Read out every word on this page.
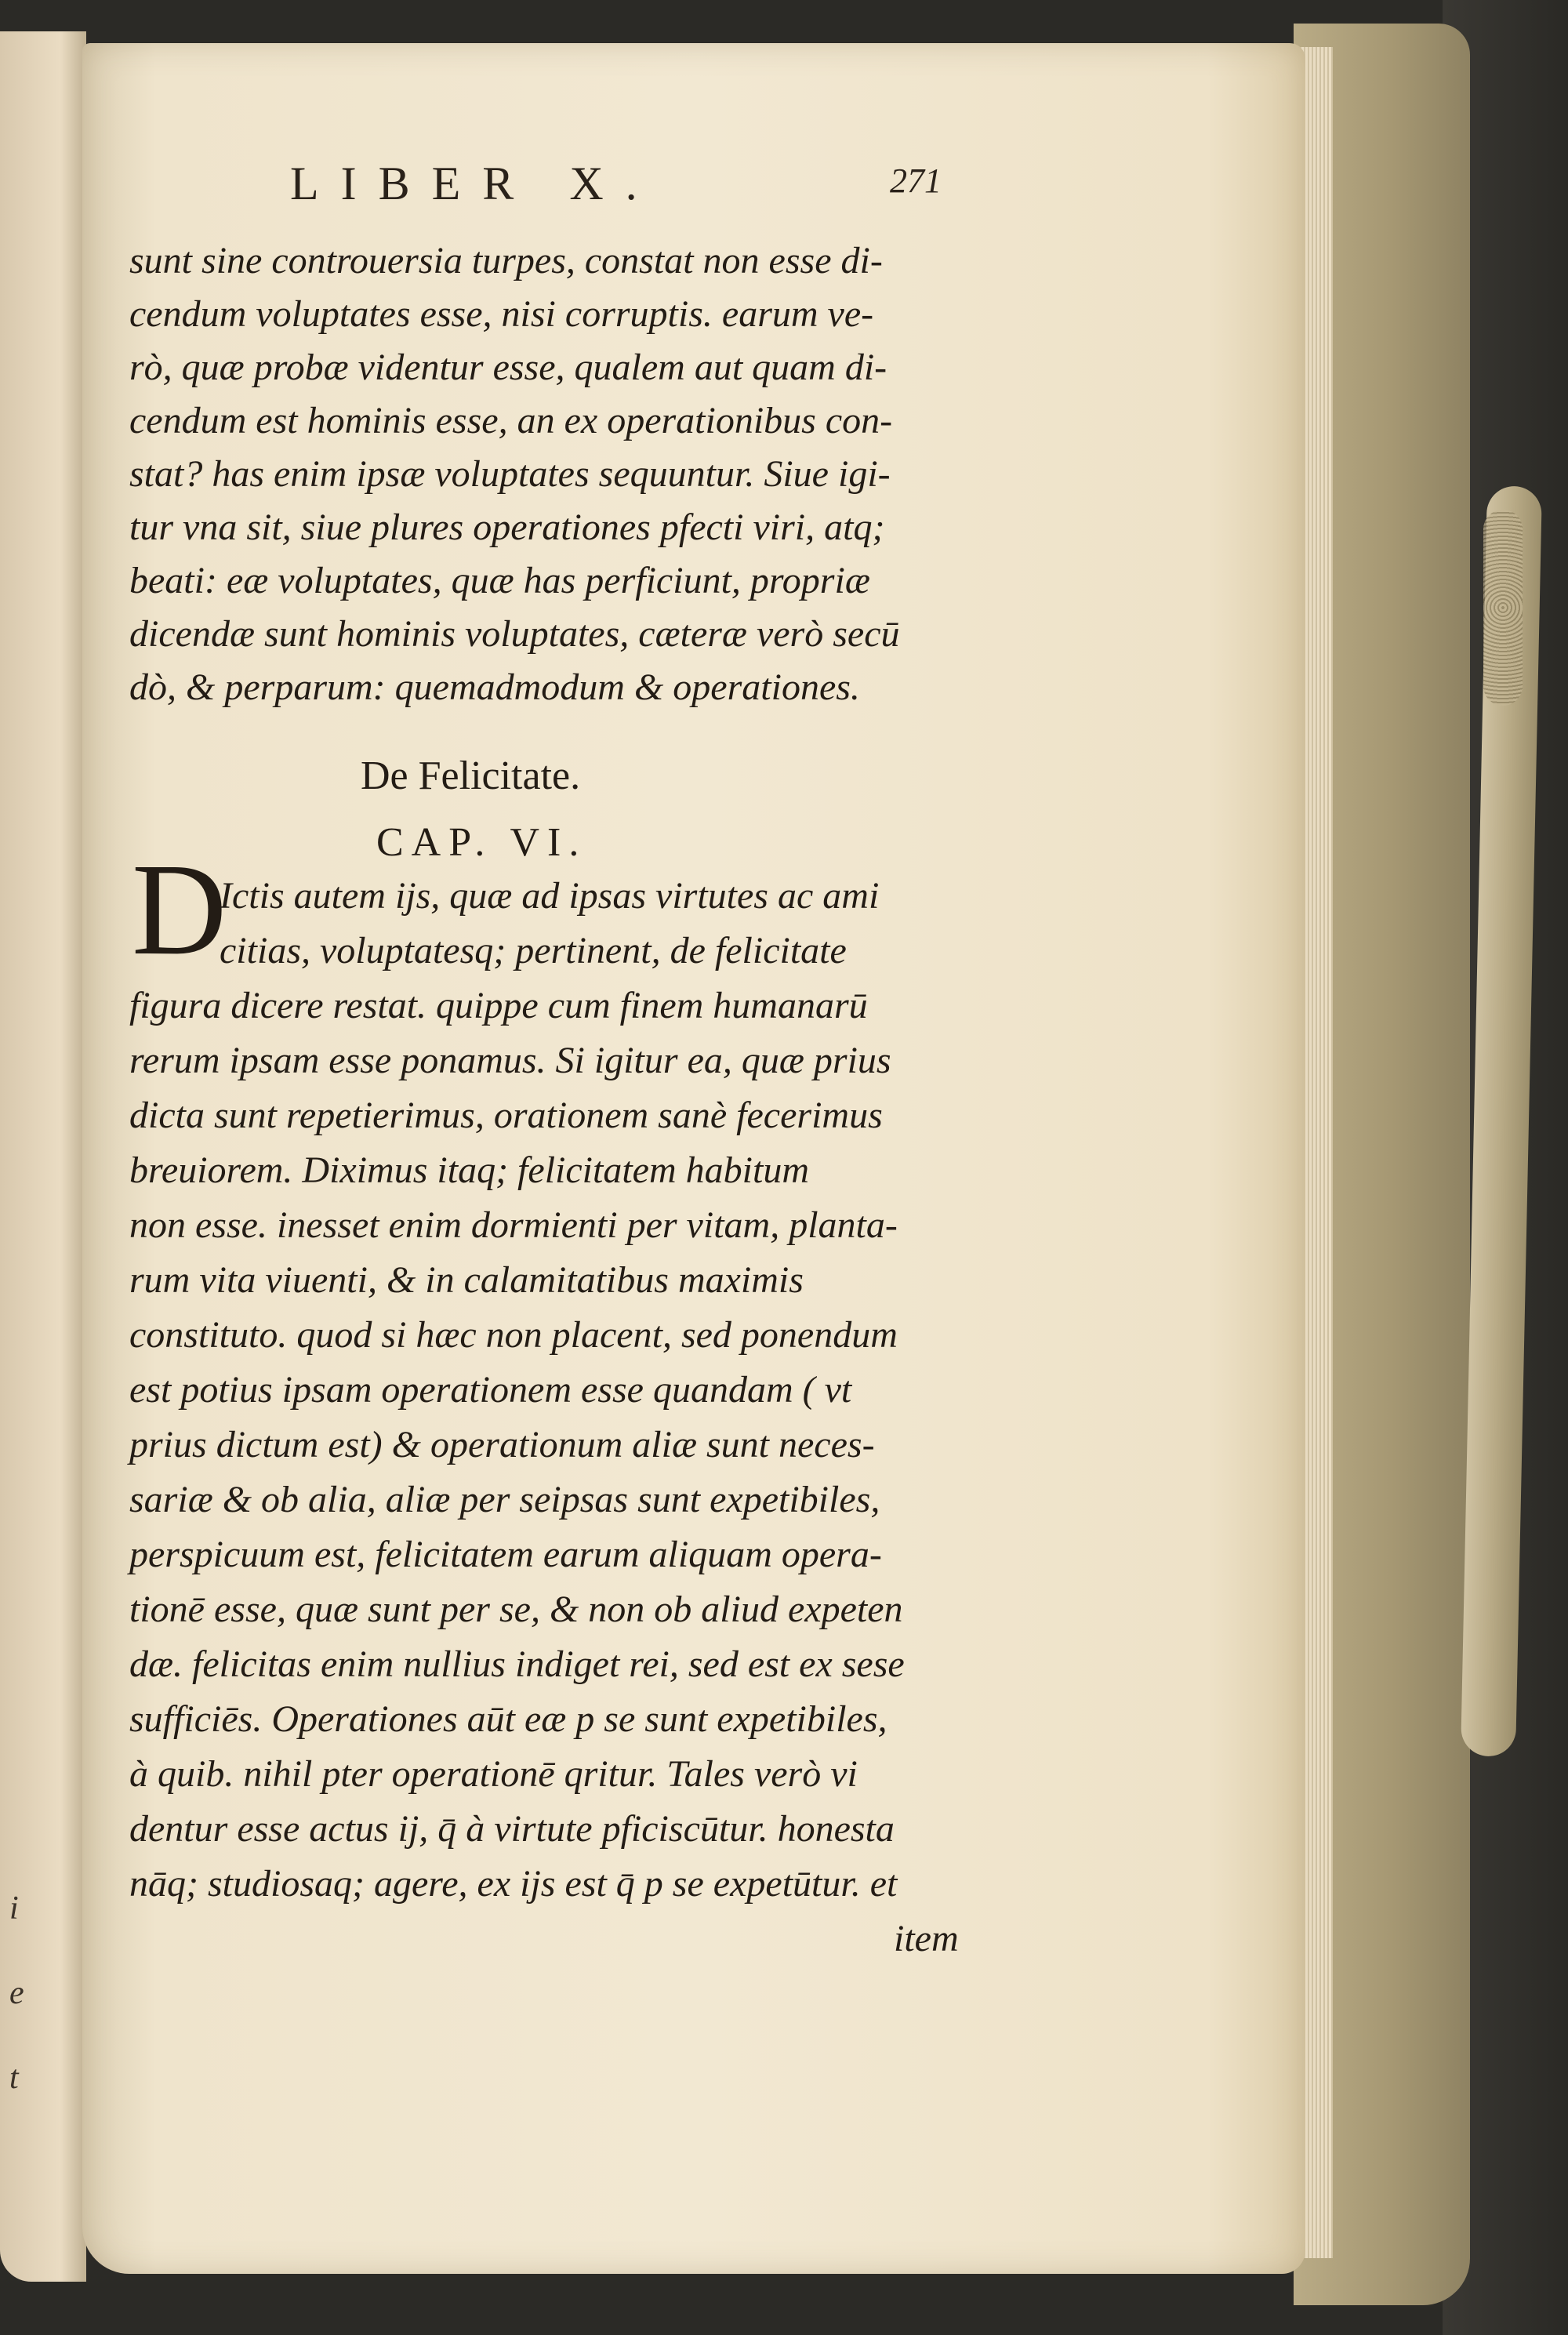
i
e
t
LIBER X.	271
sunt sine controuersia turpes, constat non esse di-
cendum voluptates esse, nisi corruptis. earum ve-
rò, quæ probæ videntur esse, qualem aut quam di-
cendum est hominis esse, an ex operationibus con-
stat? has enim ipsæ voluptates sequuntur. Siue igi-
tur vna sit, siue plures operationes pfecti viri, atq;
beati: eæ voluptates, quæ has perficiunt, propriæ
dicendæ sunt hominis voluptates, cæteræ verò secū
dò, & perparum: quemadmodum & operationes.
De Felicitate.
CAP. VI.
D
Ictis autem ijs, quæ ad ipsas virtutes ac ami
citias, voluptatesq; pertinent, de felicitate
figura dicere restat. quippe cum finem humanarū
rerum ipsam esse ponamus. Si igitur ea, quæ prius
dicta sunt repetierimus, orationem sanè fecerimus
breuiorem. Diximus itaq; felicitatem habitum
non esse. inesset enim dormienti per vitam, planta-
rum vita viuenti, & in calamitatibus maximis
constituto. quod si hæc non placent, sed ponendum
est potius ipsam operationem esse quandam ( vt
prius dictum est) & operationum aliæ sunt neces-
sariæ & ob alia, aliæ per seipsas sunt expetibiles,
perspicuum est, felicitatem earum aliquam opera-
tionē esse, quæ sunt per se, & non ob aliud expeten
dæ. felicitas enim nullius indiget rei, sed est ex sese
sufficiēs. Operationes aūt eæ p se sunt expetibiles,
à quib. nihil pter operationē qritur. Tales verò vi
dentur esse actus ij, q̄ à virtute pficiscūtur. honesta
nāq; studiosaq; agere, ex ijs est q̄ p se expetūtur. et
item
